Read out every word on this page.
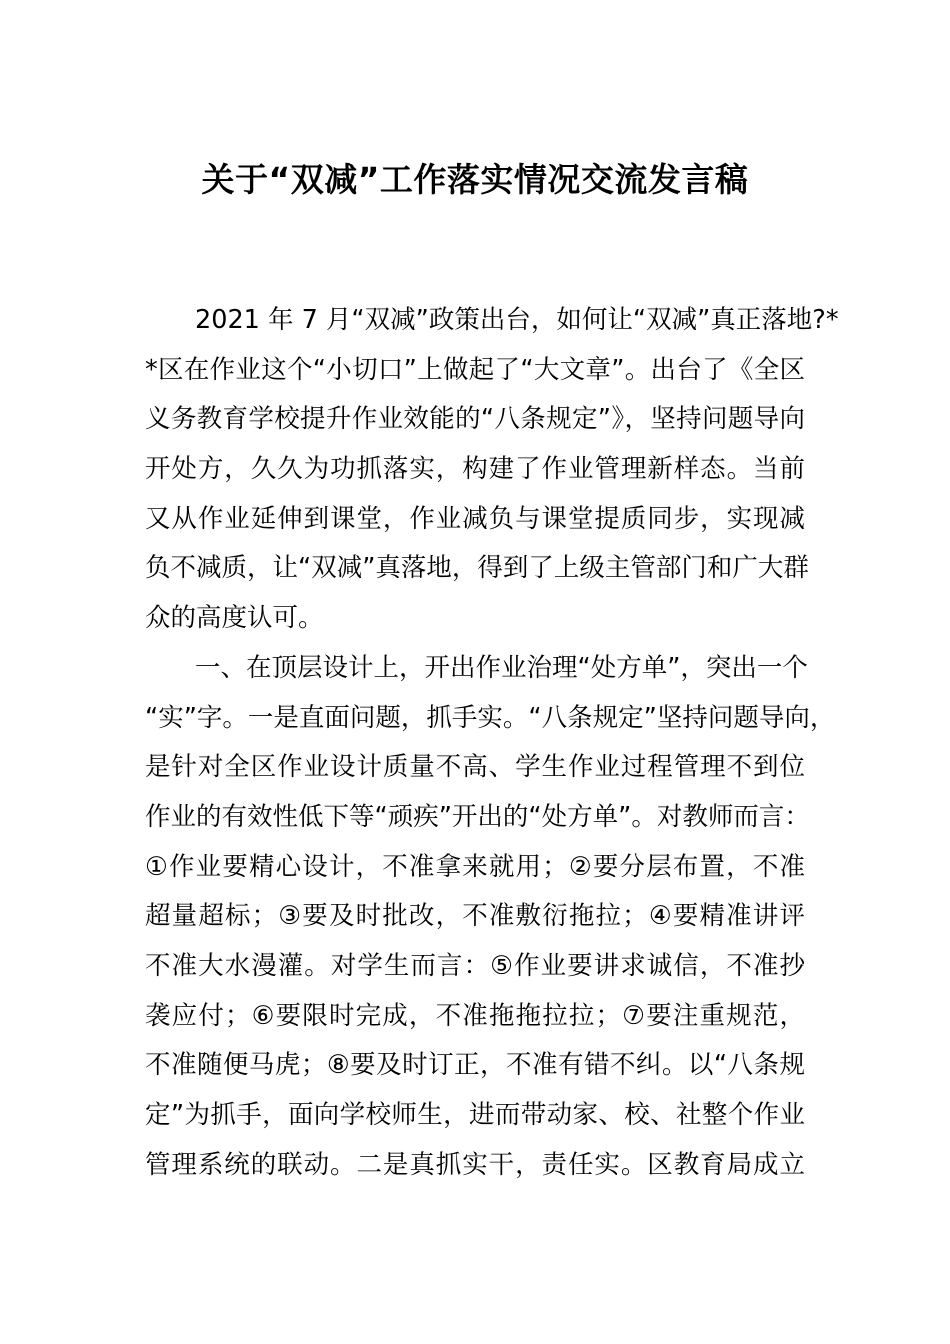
关于“双减”工作落实情况交流发言稿
2021 年 7 月“双减”政策出台，如何让“双减”真正落地?*
*区在作业这个“小切口”上做起了“大文章”。出台了《全区
义务教育学校提升作业效能的“八条规定”》，坚持问题导向
开处方，久久为功抓落实，构建了作业管理新样态。当前
又从作业延伸到课堂，作业减负与课堂提质同步，实现减
负不减质，让“双减”真落地，得到了上级主管部门和广大群
众的高度认可。
一、在顶层设计上，开出作业治理“处方单”，突出一个
“实”字。一是直面问题，抓手实。“八条规定”坚持问题导向，
是针对全区作业设计质量不高、学生作业过程管理不到位
作业的有效性低下等“顽疾”开出的“处方单”。对教师而言：
①作业要精心设计，不准拿来就用；②要分层布置，不准
超量超标；③要及时批改，不准敷衍拖拉；④要精准讲评
不准大水漫灌。对学生而言：⑤作业要讲求诚信，不准抄
袭应付；⑥要限时完成，不准拖拖拉拉；⑦要注重规范，
不准随便马虎；⑧要及时订正，不准有错不纠。以“八条规
定”为抓手，面向学校师生，进而带动家、校、社整个作业
管理系统的联动。二是真抓实干，责任实。区教育局成立
